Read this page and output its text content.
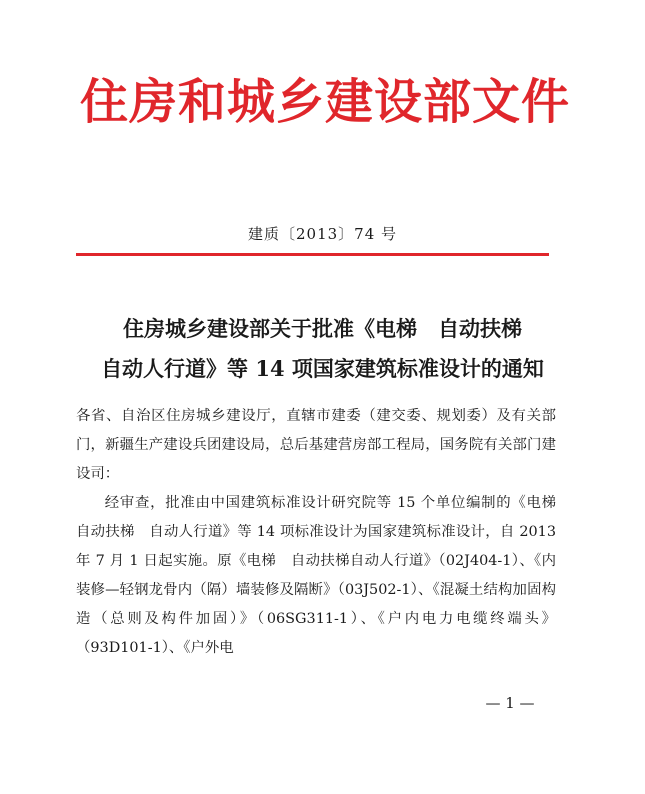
住房和城乡建设部文件
建质〔2013〕74 号
住房城乡建设部关于批准《电梯　自动扶梯
自动人行道》等 14 项国家建筑标准设计的通知

各省、自治区住房城乡建设厅，直辖市建委（建交委、规划委）及有关部门，新疆生产建设兵团建设局，总后基建营房部工程局，国务院有关部门建设司：

经审查，批准由中国建筑标准设计研究院等 15 个单位编制的《电梯　自动扶梯　自动人行道》等 14 项标准设计为国家建筑标准设计，自 2013 年 7 月 1 日起实施。原《电梯　自动扶梯自动人行道》（02J404-1）、《内装修—轻钢龙骨内（隔）墙装修及隔断》（03J502-1）、《混凝土结构加固构造（总则及构件加固）》（06SG311-1）、《户内电力电缆终端头》（93D101-1）、《户外电

— 1 —
